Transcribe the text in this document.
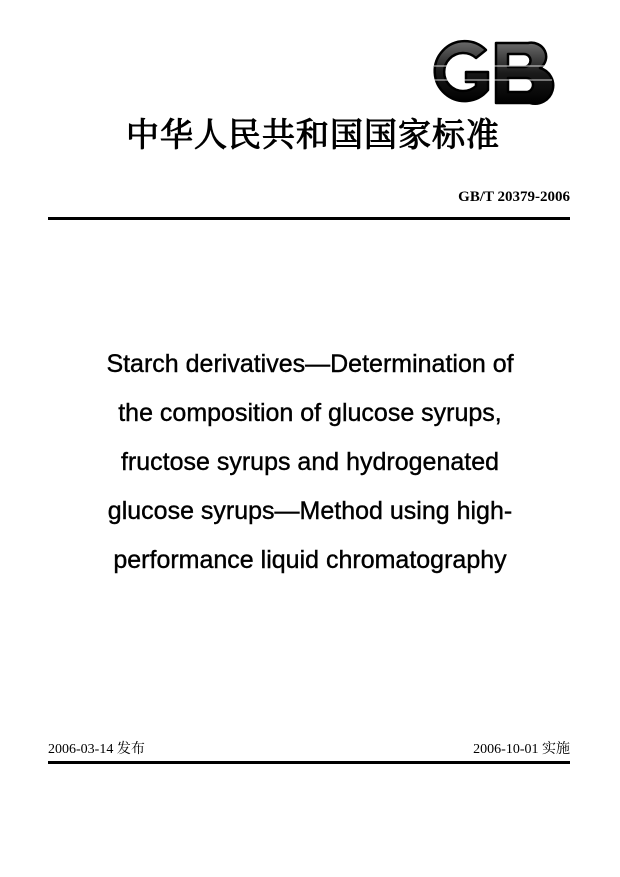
中华人民共和国国家标准
GB/T 20379-2006
Starch derivatives—Determination of
the composition of glucose syrups,
fructose syrups and hydrogenated
glucose syrups—Method using high-
performance liquid chromatography
2006-03-14 发布	2006-10-01 实施
